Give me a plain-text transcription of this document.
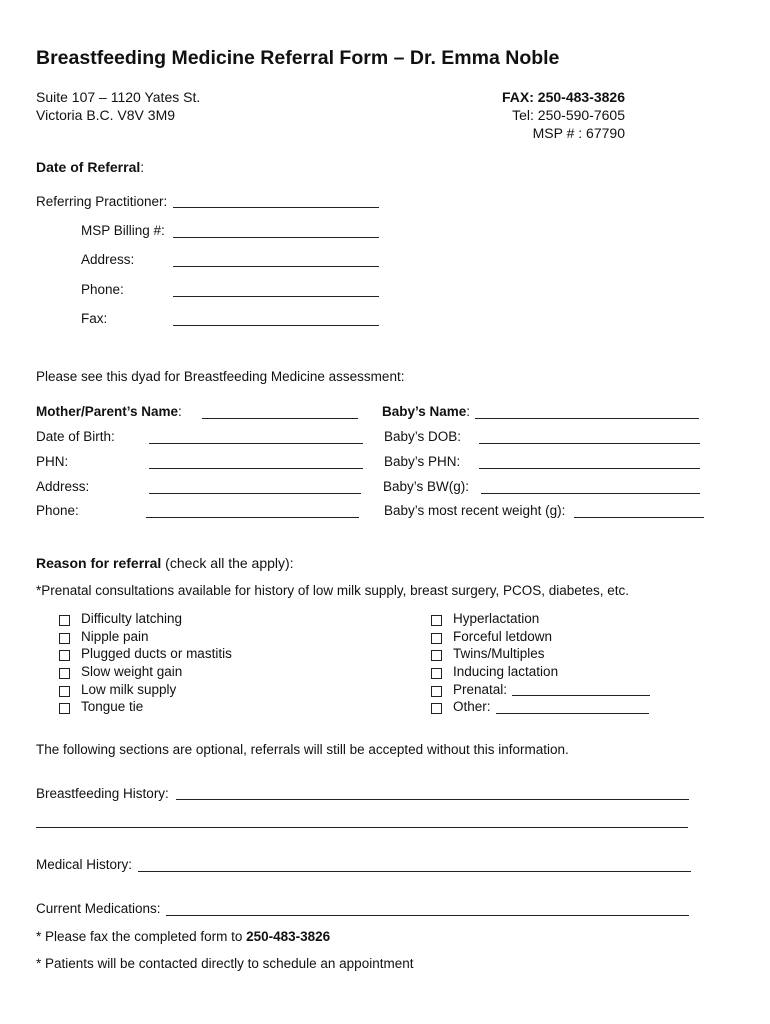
Breastfeeding Medicine Referral Form – Dr. Emma Noble
Suite 107 – 1120 Yates St.
Victoria B.C. V8V 3M9
FAX: 250-483-3826
Tel: 250-590-7605
MSP # : 67790
Date of Referral:
Referring Practitioner:
MSP Billing #:
Address:
Phone:
Fax:
Please see this dyad for Breastfeeding Medicine assessment:
Mother/Parent’s Name:
Date of Birth:
PHN:
Address:
Phone:
Baby’s Name:
Baby’s DOB:
Baby’s PHN:
Baby’s BW(g):
Baby’s most recent weight (g):
Reason for referral (check all the apply):
*Prenatal consultations available for history of low milk supply, breast surgery, PCOS, diabetes, etc.
Difficulty latching
Nipple pain
Plugged ducts or mastitis
Slow weight gain
Low milk supply
Tongue tie
Hyperlactation
Forceful letdown
Twins/Multiples
Inducing lactation
Prenatal:
Other:
The following sections are optional, referrals will still be accepted without this information.
Breastfeeding History:
Medical History:
Current Medications:
* Please fax the completed form to 250-483-3826
* Patients will be contacted directly to schedule an appointment
